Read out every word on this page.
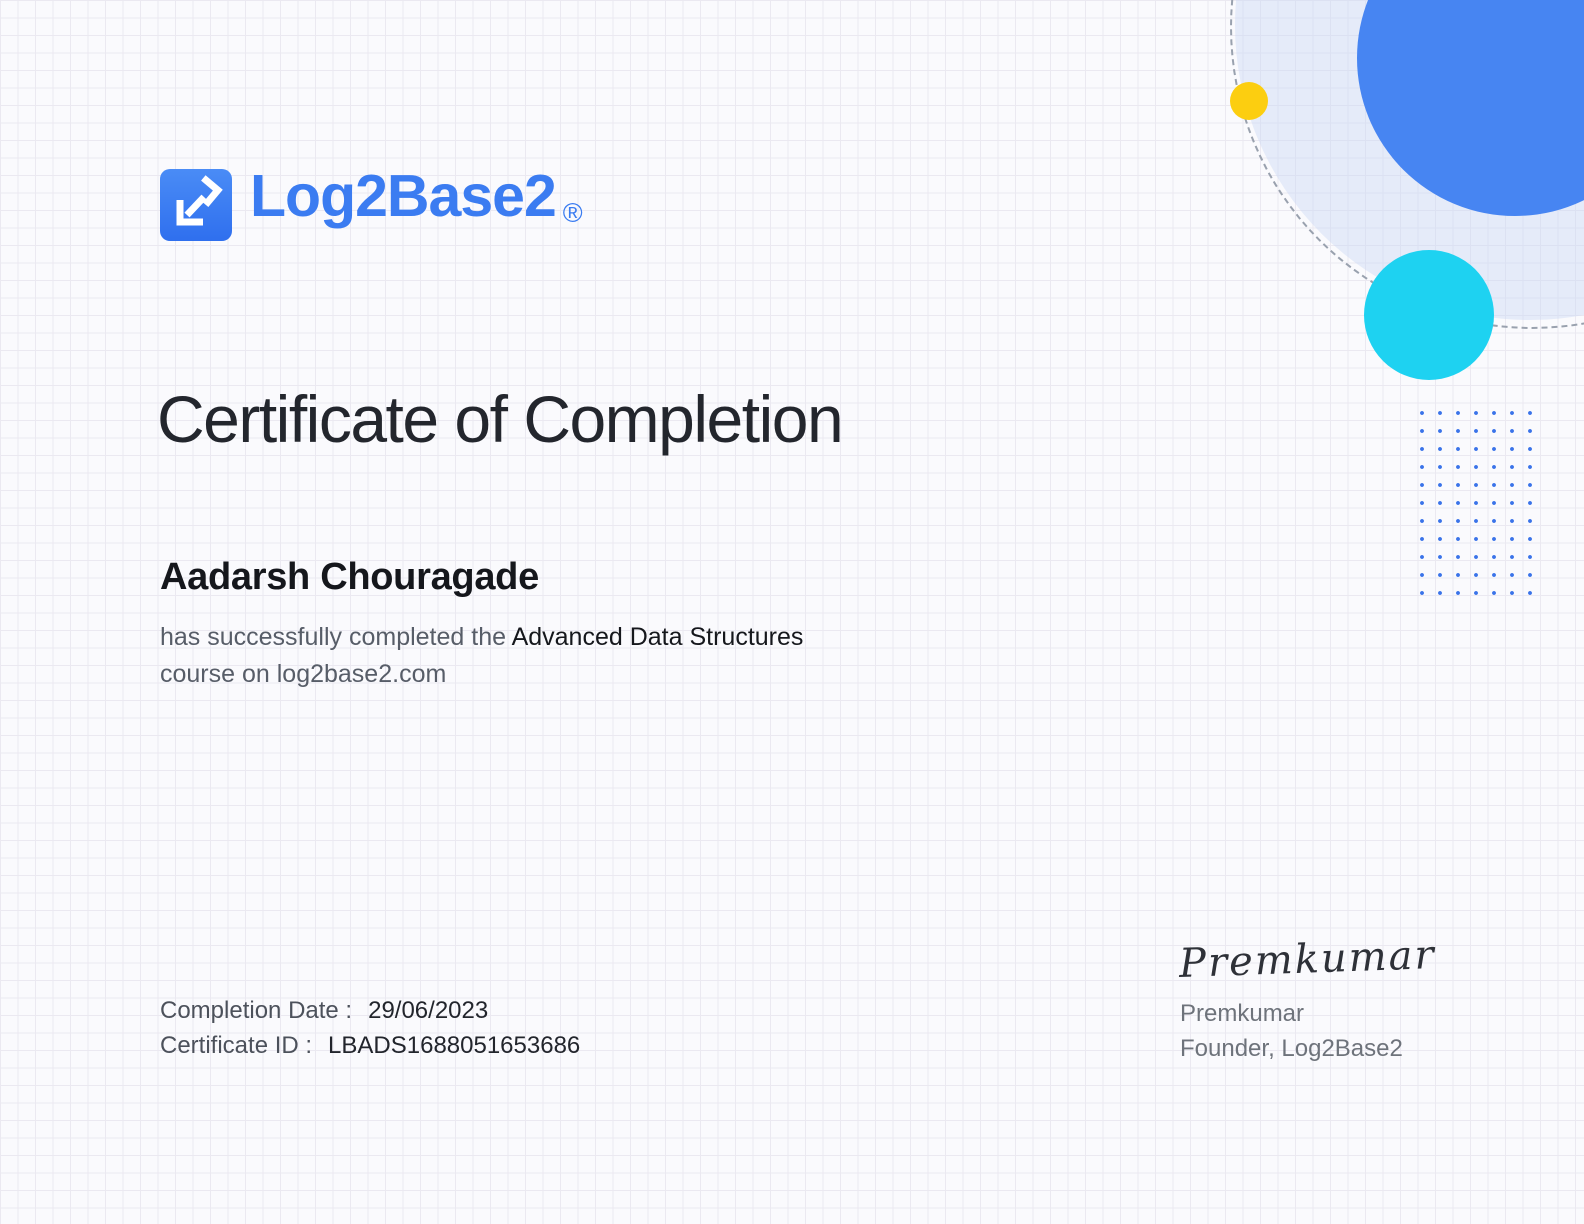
Log2Base2 ®
Certificate of Completion
Aadarsh Chouragade
has successfully completed the Advanced Data Structures
course on log2base2.com
Completion Date : 29/06/2023
Certificate ID : LBADS1688051653686
Premkumar
Premkumar
Founder, Log2Base2
